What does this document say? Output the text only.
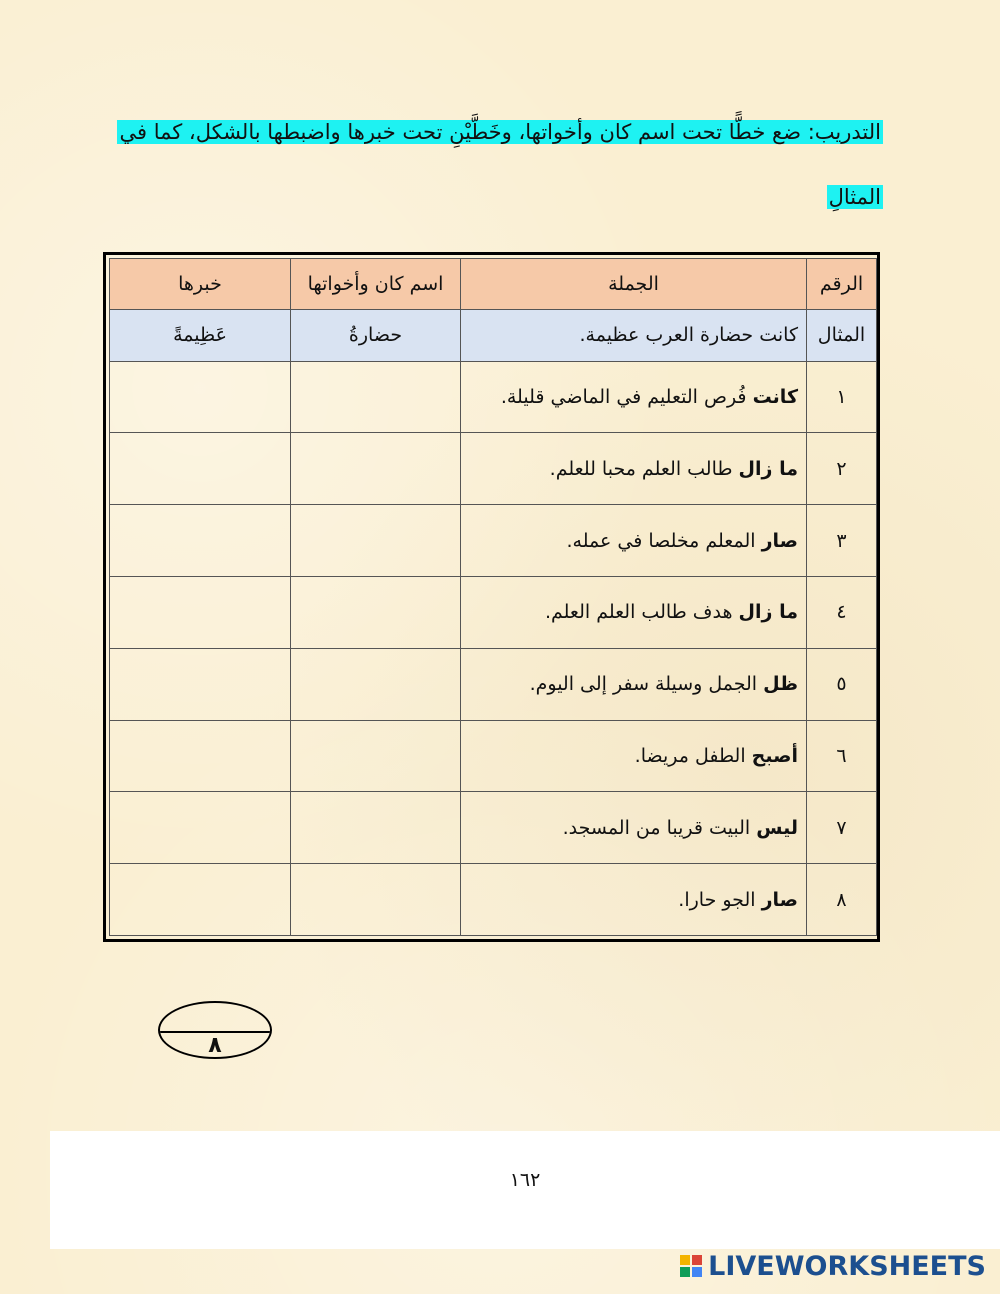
التدريب: ضع خطًّا تحت اسم كان وأخواتها، وخَطَّيْنِ تحت خبرها واضبطها بالشكل، كما في
المثالِ
الرقم	الجملة	اسم كان وأخواتها	خبرها
المثال	كانت حضارة العرب عظيمة.	حضارةُ	عَظِيمةً
١	كانت فُرص التعليم في الماضي قليلة.		
٢	ما زال طالب العلم محبا للعلم.		
٣	صار المعلم مخلصا في عمله.		
٤	ما زال هدف طالب العلم العلم.		
٥	ظل الجمل وسيلة سفر إلى اليوم.		
٦	أصبح الطفل مريضا.		
٧	ليس البيت قريبا من المسجد.		
٨	صار الجو حارا.		
٨
١٦٢
LIVEWORKSHEETS
